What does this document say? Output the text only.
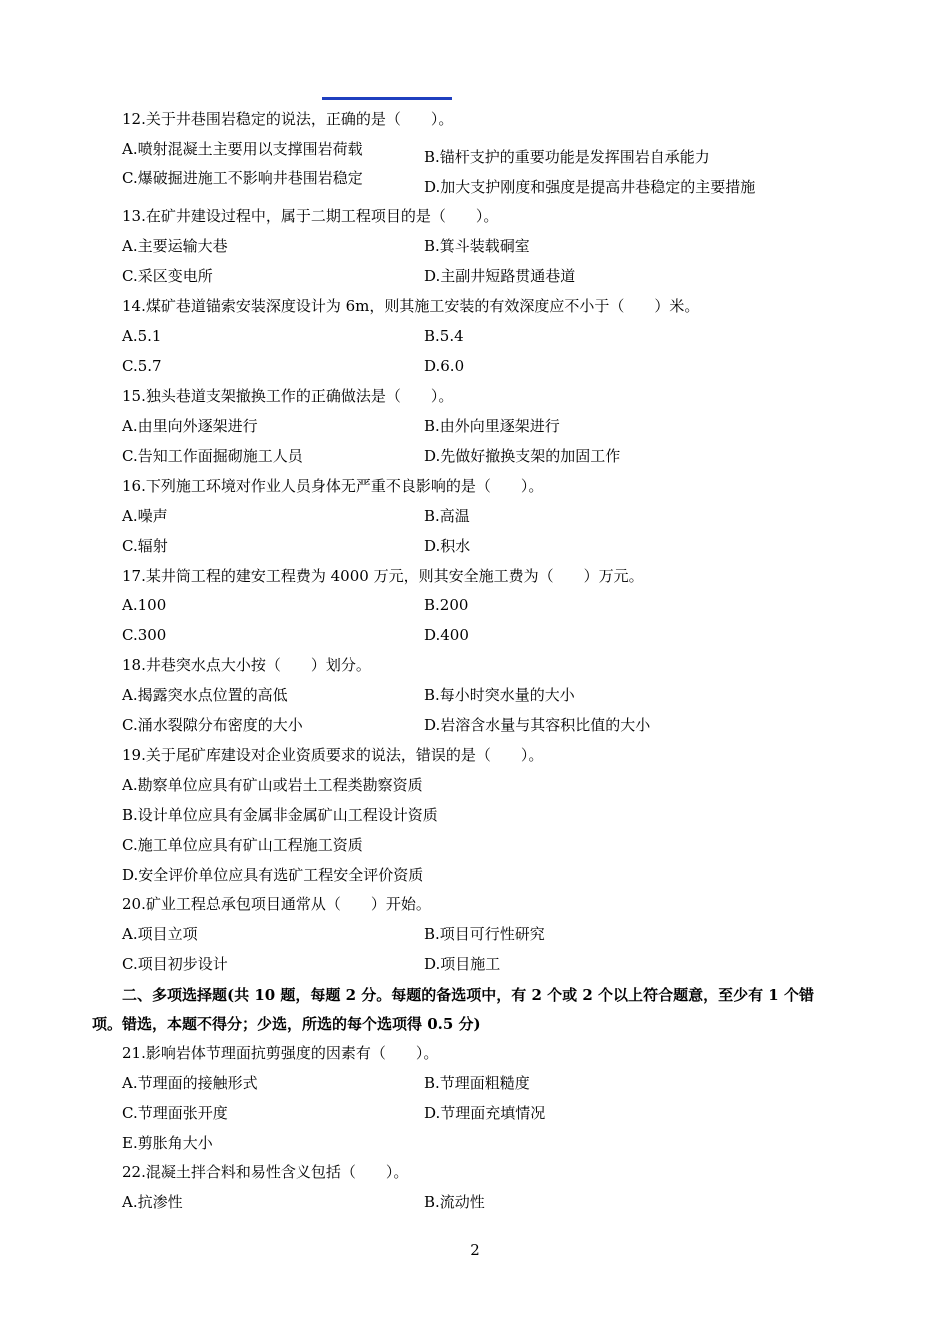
12.关于井巷围岩稳定的说法，正确的是（　　）。
A.喷射混凝土主要用以支撑围岩荷载	B.锚杆支护的重要功能是发挥围岩自承能力
C.爆破掘进施工不影响井巷围岩稳定	D.加大支护刚度和强度是提高井巷稳定的主要措施
13.在矿井建设过程中，属于二期工程项目的是（　　）。
A.主要运输大巷	B.箕斗装载硐室
C.采区变电所	D.主副井短路贯通巷道
14.煤矿巷道锚索安装深度设计为 6m，则其施工安装的有效深度应不小于（　　）米。
A.5.1	B.5.4
C.5.7	D.6.0
15.独头巷道支架撤换工作的正确做法是（　　）。
A.由里向外逐架进行	B.由外向里逐架进行
C.告知工作面掘砌施工人员	D.先做好撤换支架的加固工作
16.下列施工环境对作业人员身体无严重不良影响的是（　　）。
A.噪声	B.高温
C.辐射	D.积水
17.某井筒工程的建安工程费为 4000 万元，则其安全施工费为（　　）万元。
A.100	B.200
C.300	D.400
18.井巷突水点大小按（　　）划分。
A.揭露突水点位置的高低	B.每小时突水量的大小
C.涌水裂隙分布密度的大小	D.岩溶含水量与其容积比值的大小
19.关于尾矿库建设对企业资质要求的说法，错误的是（　　）。
A.勘察单位应具有矿山或岩土工程类勘察资质
B.设计单位应具有金属非金属矿山工程设计资质
C.施工单位应具有矿山工程施工资质
D.安全评价单位应具有选矿工程安全评价资质
20.矿业工程总承包项目通常从（　　）开始。
A.项目立项	B.项目可行性研究
C.项目初步设计	D.项目施工
二、多项选择题(共 10 题，每题 2 分。每题的备选项中，有 2 个或 2 个以上符合题意，至少有 1 个错
项。错选，本题不得分；少选，所选的每个选项得 0.5 分)
21.影响岩体节理面抗剪强度的因素有（　　）。
A.节理面的接触形式	B.节理面粗糙度
C.节理面张开度	D.节理面充填情况
E.剪胀角大小
22.混凝土拌合料和易性含义包括（　　）。
A.抗渗性	B.流动性
2
